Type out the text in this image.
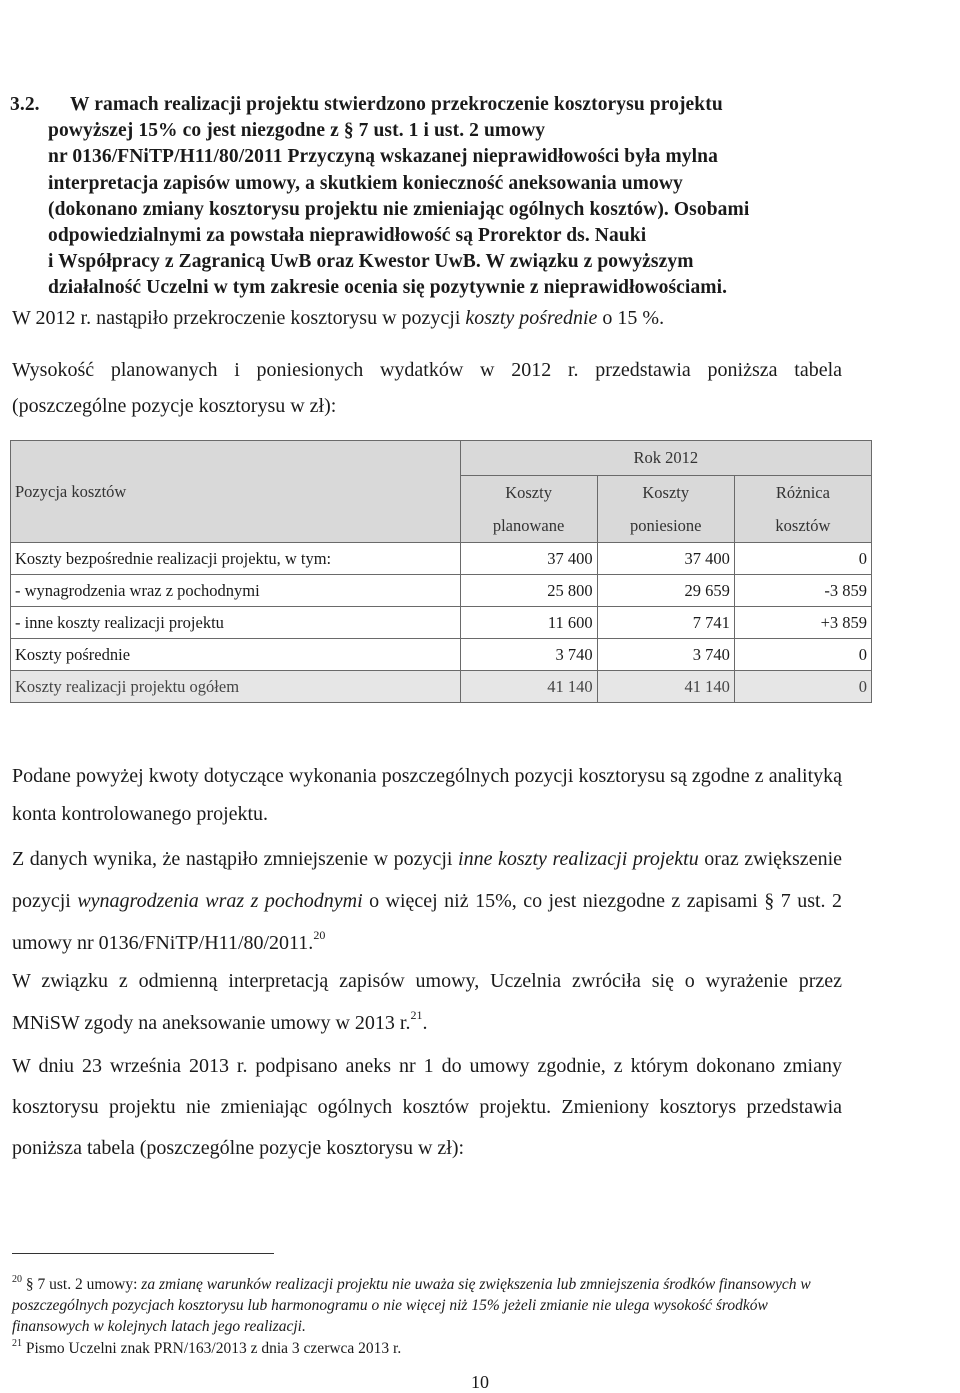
3.2. W ramach realizacji projektu stwierdzono przekroczenie kosztorysu projektu
powyższej 15% co jest niezgodne z § 7 ust. 1 i ust. 2 umowy
nr 0136/FNiTP/H11/80/2011 Przyczyną wskazanej nieprawidłowości była mylna
interpretacja zapisów umowy, a skutkiem konieczność aneksowania umowy
(dokonano zmiany kosztorysu projektu nie zmieniając ogólnych kosztów). Osobami
odpowiedzialnymi za powstała nieprawidłowość są Prorektor ds. Nauki
i Współpracy z Zagranicą UwB oraz Kwestor UwB. W związku z powyższym
działalność Uczelni w tym zakresie ocenia się pozytywnie z nieprawidłowościami.
W 2012 r. nastąpiło przekroczenie kosztorysu w pozycji koszty pośrednie o 15 %.
Wysokość planowanych i poniesionych wydatków w 2012 r. przedstawia poniższa tabela (poszczególne pozycje kosztorysu w zł):
Pozycja kosztów	Rok 2012		
	Koszty	Koszty	Różnica
	planowane	poniesione	kosztów
Koszty bezpośrednie realizacji projektu, w tym:	37 400	37 400	0
- wynagrodzenia wraz z pochodnymi	25 800	29 659	-3 859
- inne koszty realizacji projektu	11 600	7 741	+3 859
Koszty pośrednie	3 740	3 740	0
Koszty realizacji projektu ogółem	41 140	41 140	0
Podane powyżej kwoty dotyczące wykonania poszczególnych pozycji kosztorysu są zgodne z analityką konta kontrolowanego projektu.
Z danych wynika, że nastąpiło zmniejszenie w pozycji inne koszty realizacji projektu oraz zwiększenie pozycji wynagrodzenia wraz z pochodnymi o więcej niż 15%, co jest niezgodne z zapisami § 7 ust. 2 umowy nr 0136/FNiTP/H11/80/2011.20
W związku z odmienną interpretacją zapisów umowy, Uczelnia zwróciła się o wyrażenie przez MNiSW zgody na aneksowanie umowy w 2013 r.$^{21}$.
W dniu 23 września 2013 r. podpisano aneks nr 1 do umowy zgodnie, z którym dokonano zmiany kosztorysu projektu nie zmieniając ogólnych kosztów projektu. Zmieniony kosztorys przedstawia poniższa tabela (poszczególne pozycje kosztorysu w zł):
$^{20}$ § 7 ust. 2 umowy: za zmianę warunków realizacji projektu nie uważa się zwiększenia lub zmniejszenia środków finansowych w poszczególnych pozycjach kosztorysu lub harmonogramu o nie więcej niż 15% jeżeli zmianie nie ulega wysokość środków finansowych w kolejnych latach jego realizacji.
$^{21}$ Pismo Uczelni znak PRN/163/2013 z dnia 3 czerwca 2013 r.
10
